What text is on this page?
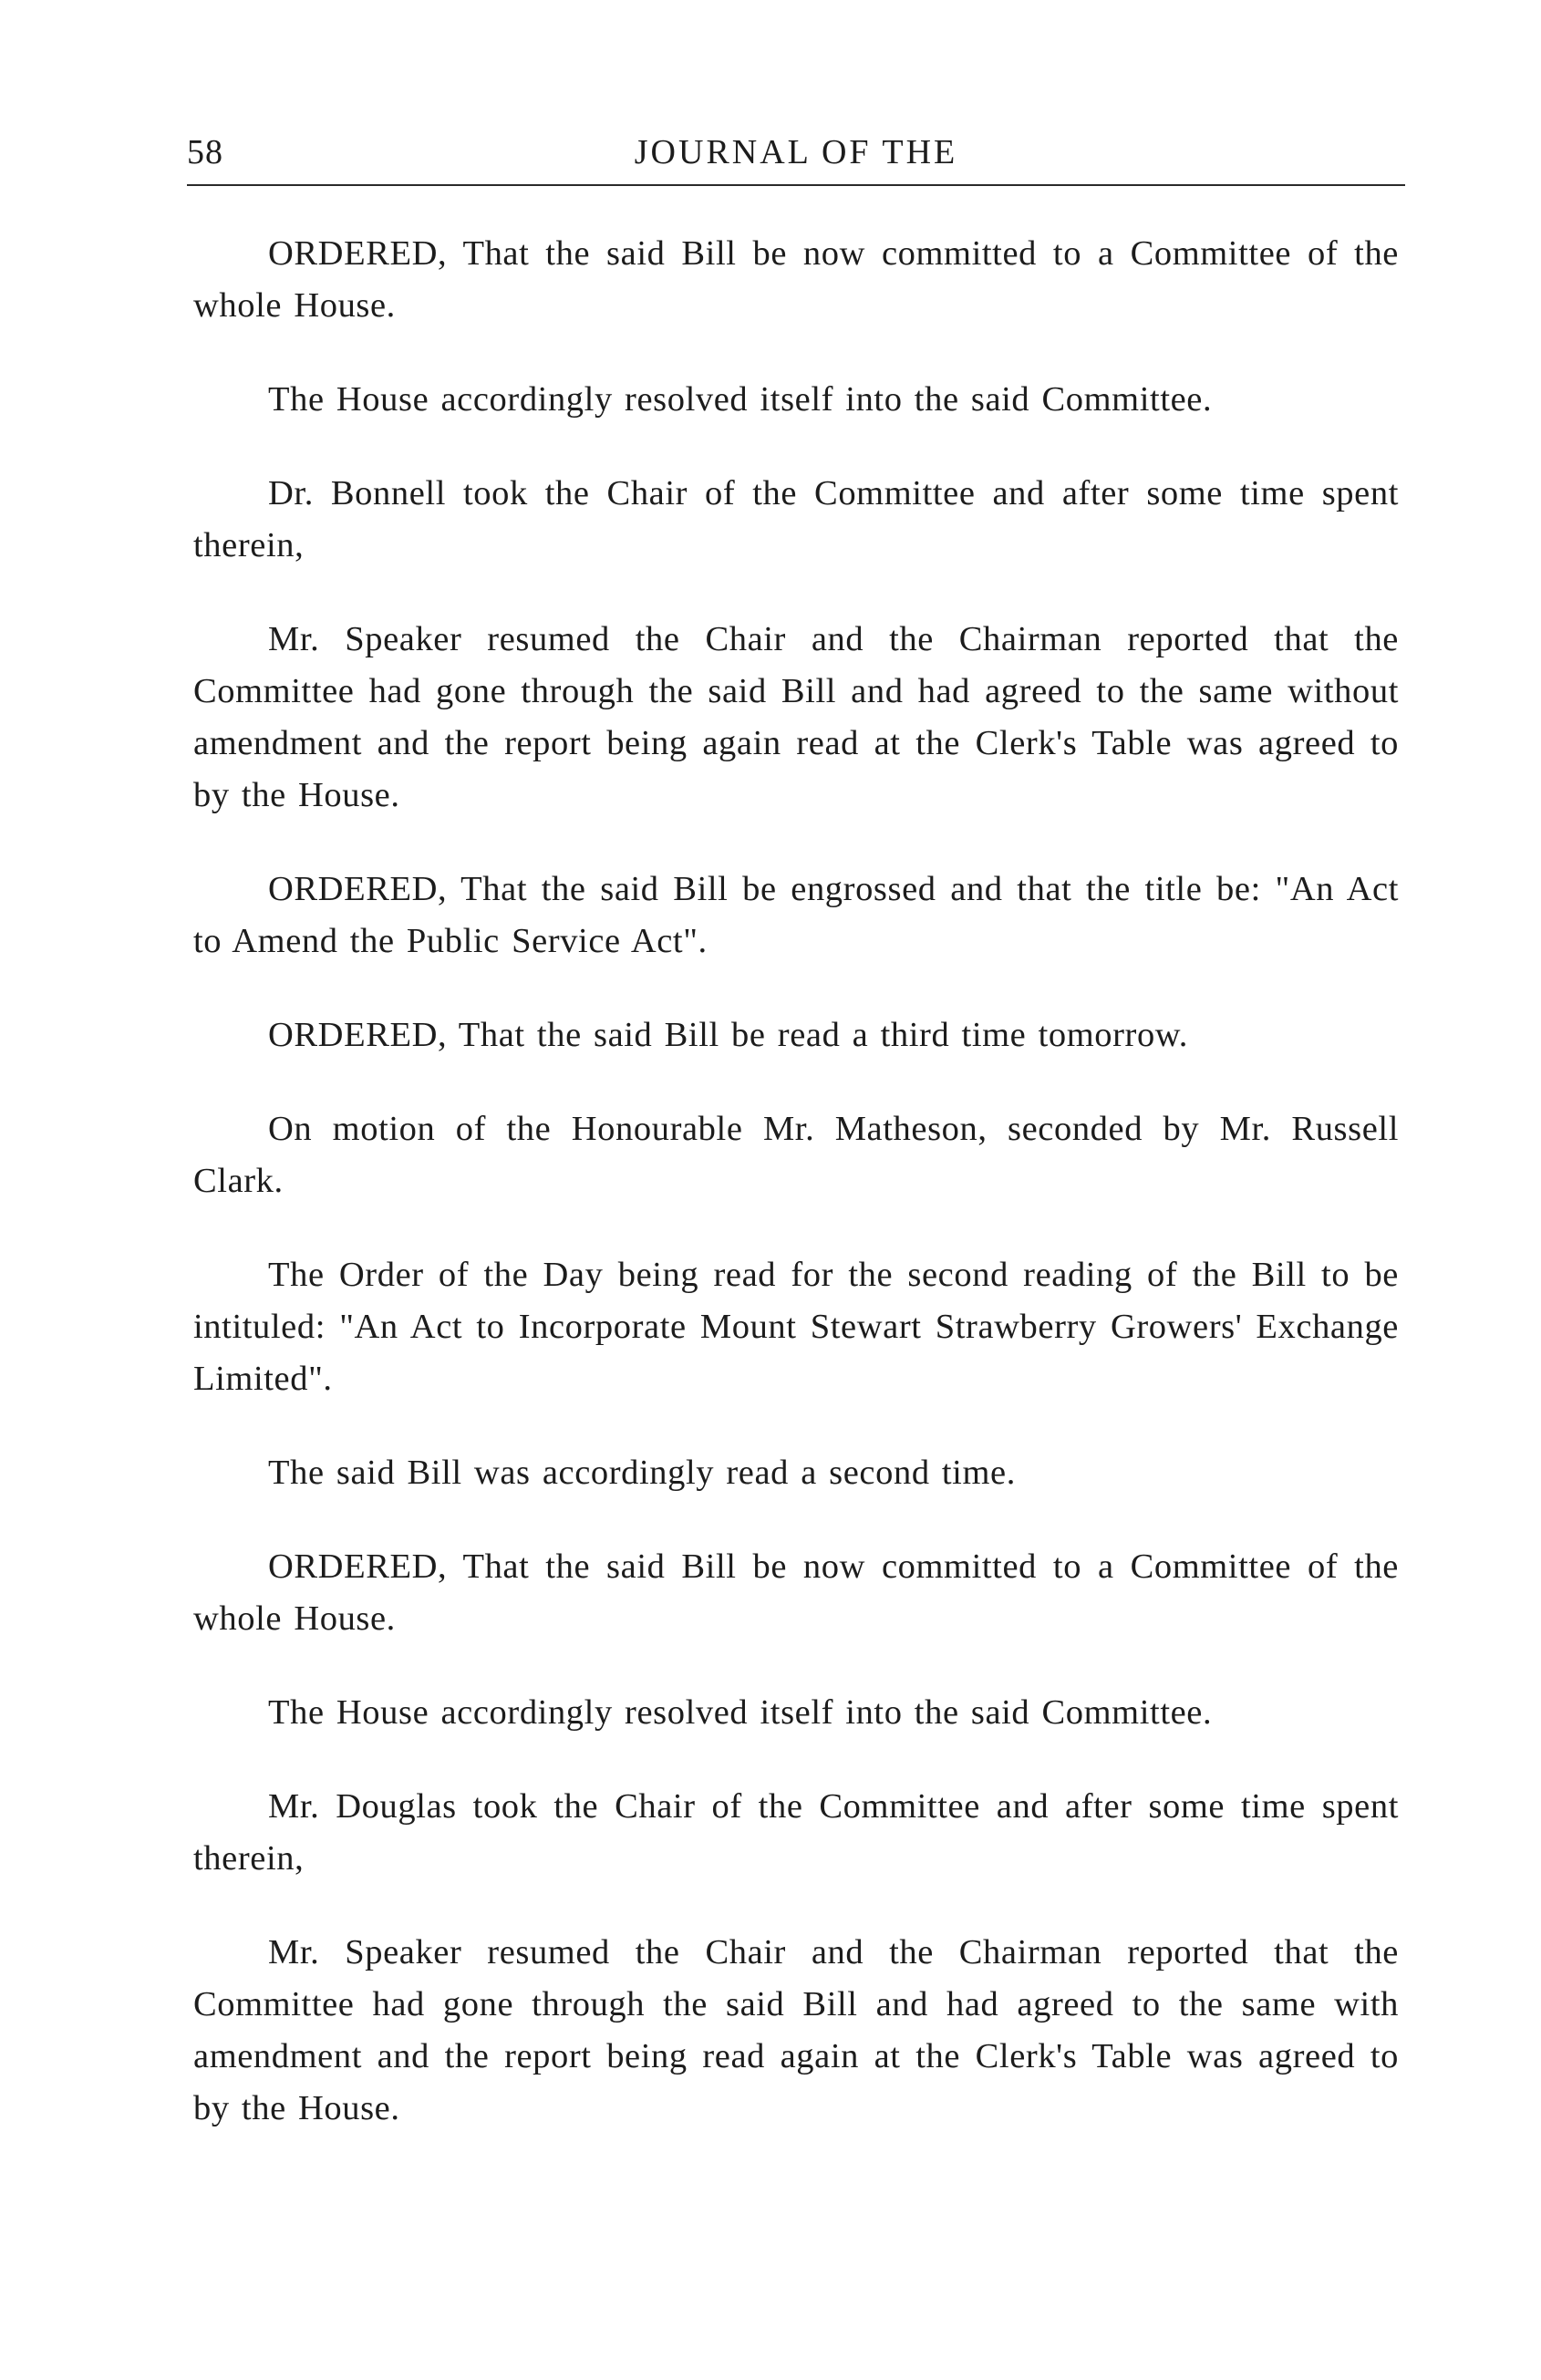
58	JOURNAL OF THE

ORDERED, That the said Bill be now committed to a Committee of the whole House.

The House accordingly resolved itself into the said Committee.

Dr. Bonnell took the Chair of the Committee and after some time spent therein,

Mr. Speaker resumed the Chair and the Chairman reported that the Committee had gone through the said Bill and had agreed to the same without amendment and the report being again read at the Clerk's Table was agreed to by the House.

ORDERED, That the said Bill be engrossed and that the title be: "An Act to Amend the Public Service Act".

ORDERED, That the said Bill be read a third time tomorrow.

On motion of the Honourable Mr. Matheson, seconded by Mr. Russell Clark.

The Order of the Day being read for the second reading of the Bill to be intituled: "An Act to Incorporate Mount Stewart Strawberry Growers' Exchange Limited".

The said Bill was accordingly read a second time.

ORDERED, That the said Bill be now committed to a Committee of the whole House.

The House accordingly resolved itself into the said Committee.

Mr. Douglas took the Chair of the Committee and after some time spent therein,

Mr. Speaker resumed the Chair and the Chairman reported that the Committee had gone through the said Bill and had agreed to the same with amendment and the report being read again at the Clerk's Table was agreed to by the House.
